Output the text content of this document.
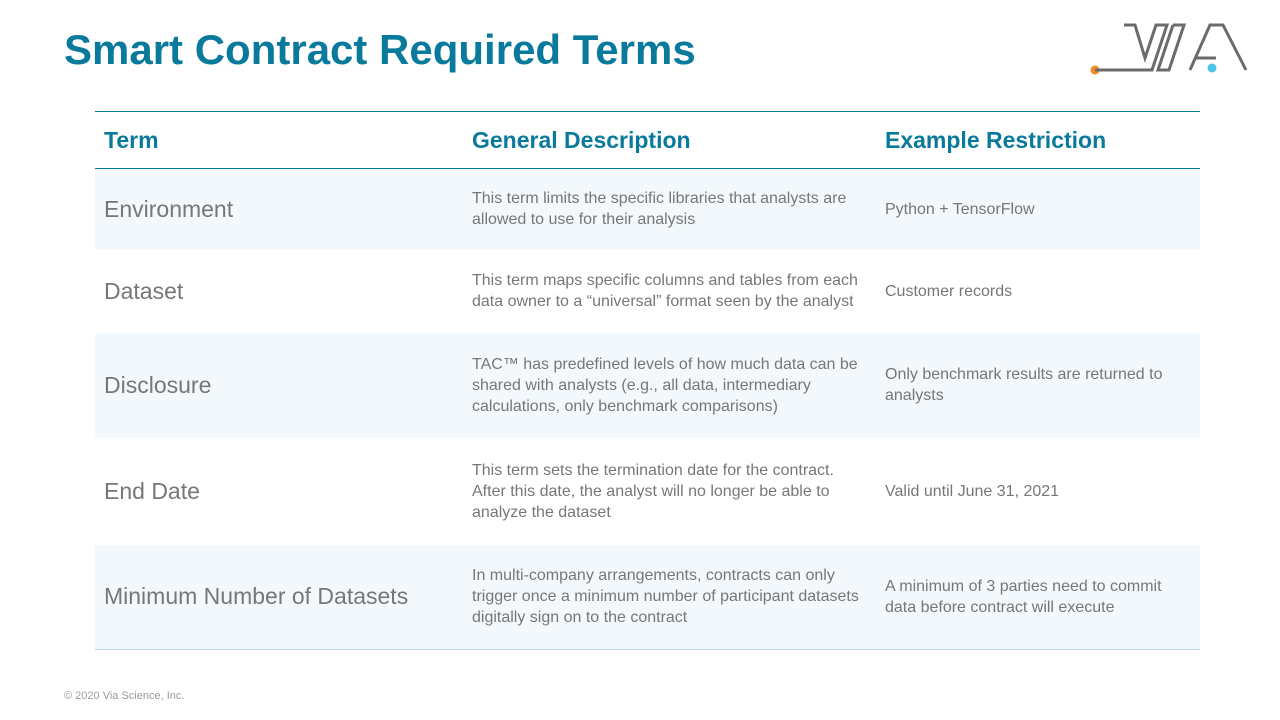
Smart Contract Required Terms
Term	General Description	Example Restriction
Environment	This term limits the specific libraries that analysts are allowed to use for their analysis	Python + TensorFlow
Dataset	This term maps specific columns and tables from each data owner to a “universal” format seen by the analyst	Customer records
Disclosure	TAC™ has predefined levels of how much data can be shared with analysts (e.g., all data, intermediary calculations, only benchmark comparisons)	Only benchmark results are returned to analysts
End Date	This term sets the termination date for the contract. After this date, the analyst will no longer be able to analyze the dataset	Valid until June 31, 2021
Minimum Number of Datasets	In multi-company arrangements, contracts can only trigger once a minimum number of participant datasets digitally sign on to the contract	A minimum of 3 parties need to commit data before contract will execute
© 2020 Via Science, Inc.
